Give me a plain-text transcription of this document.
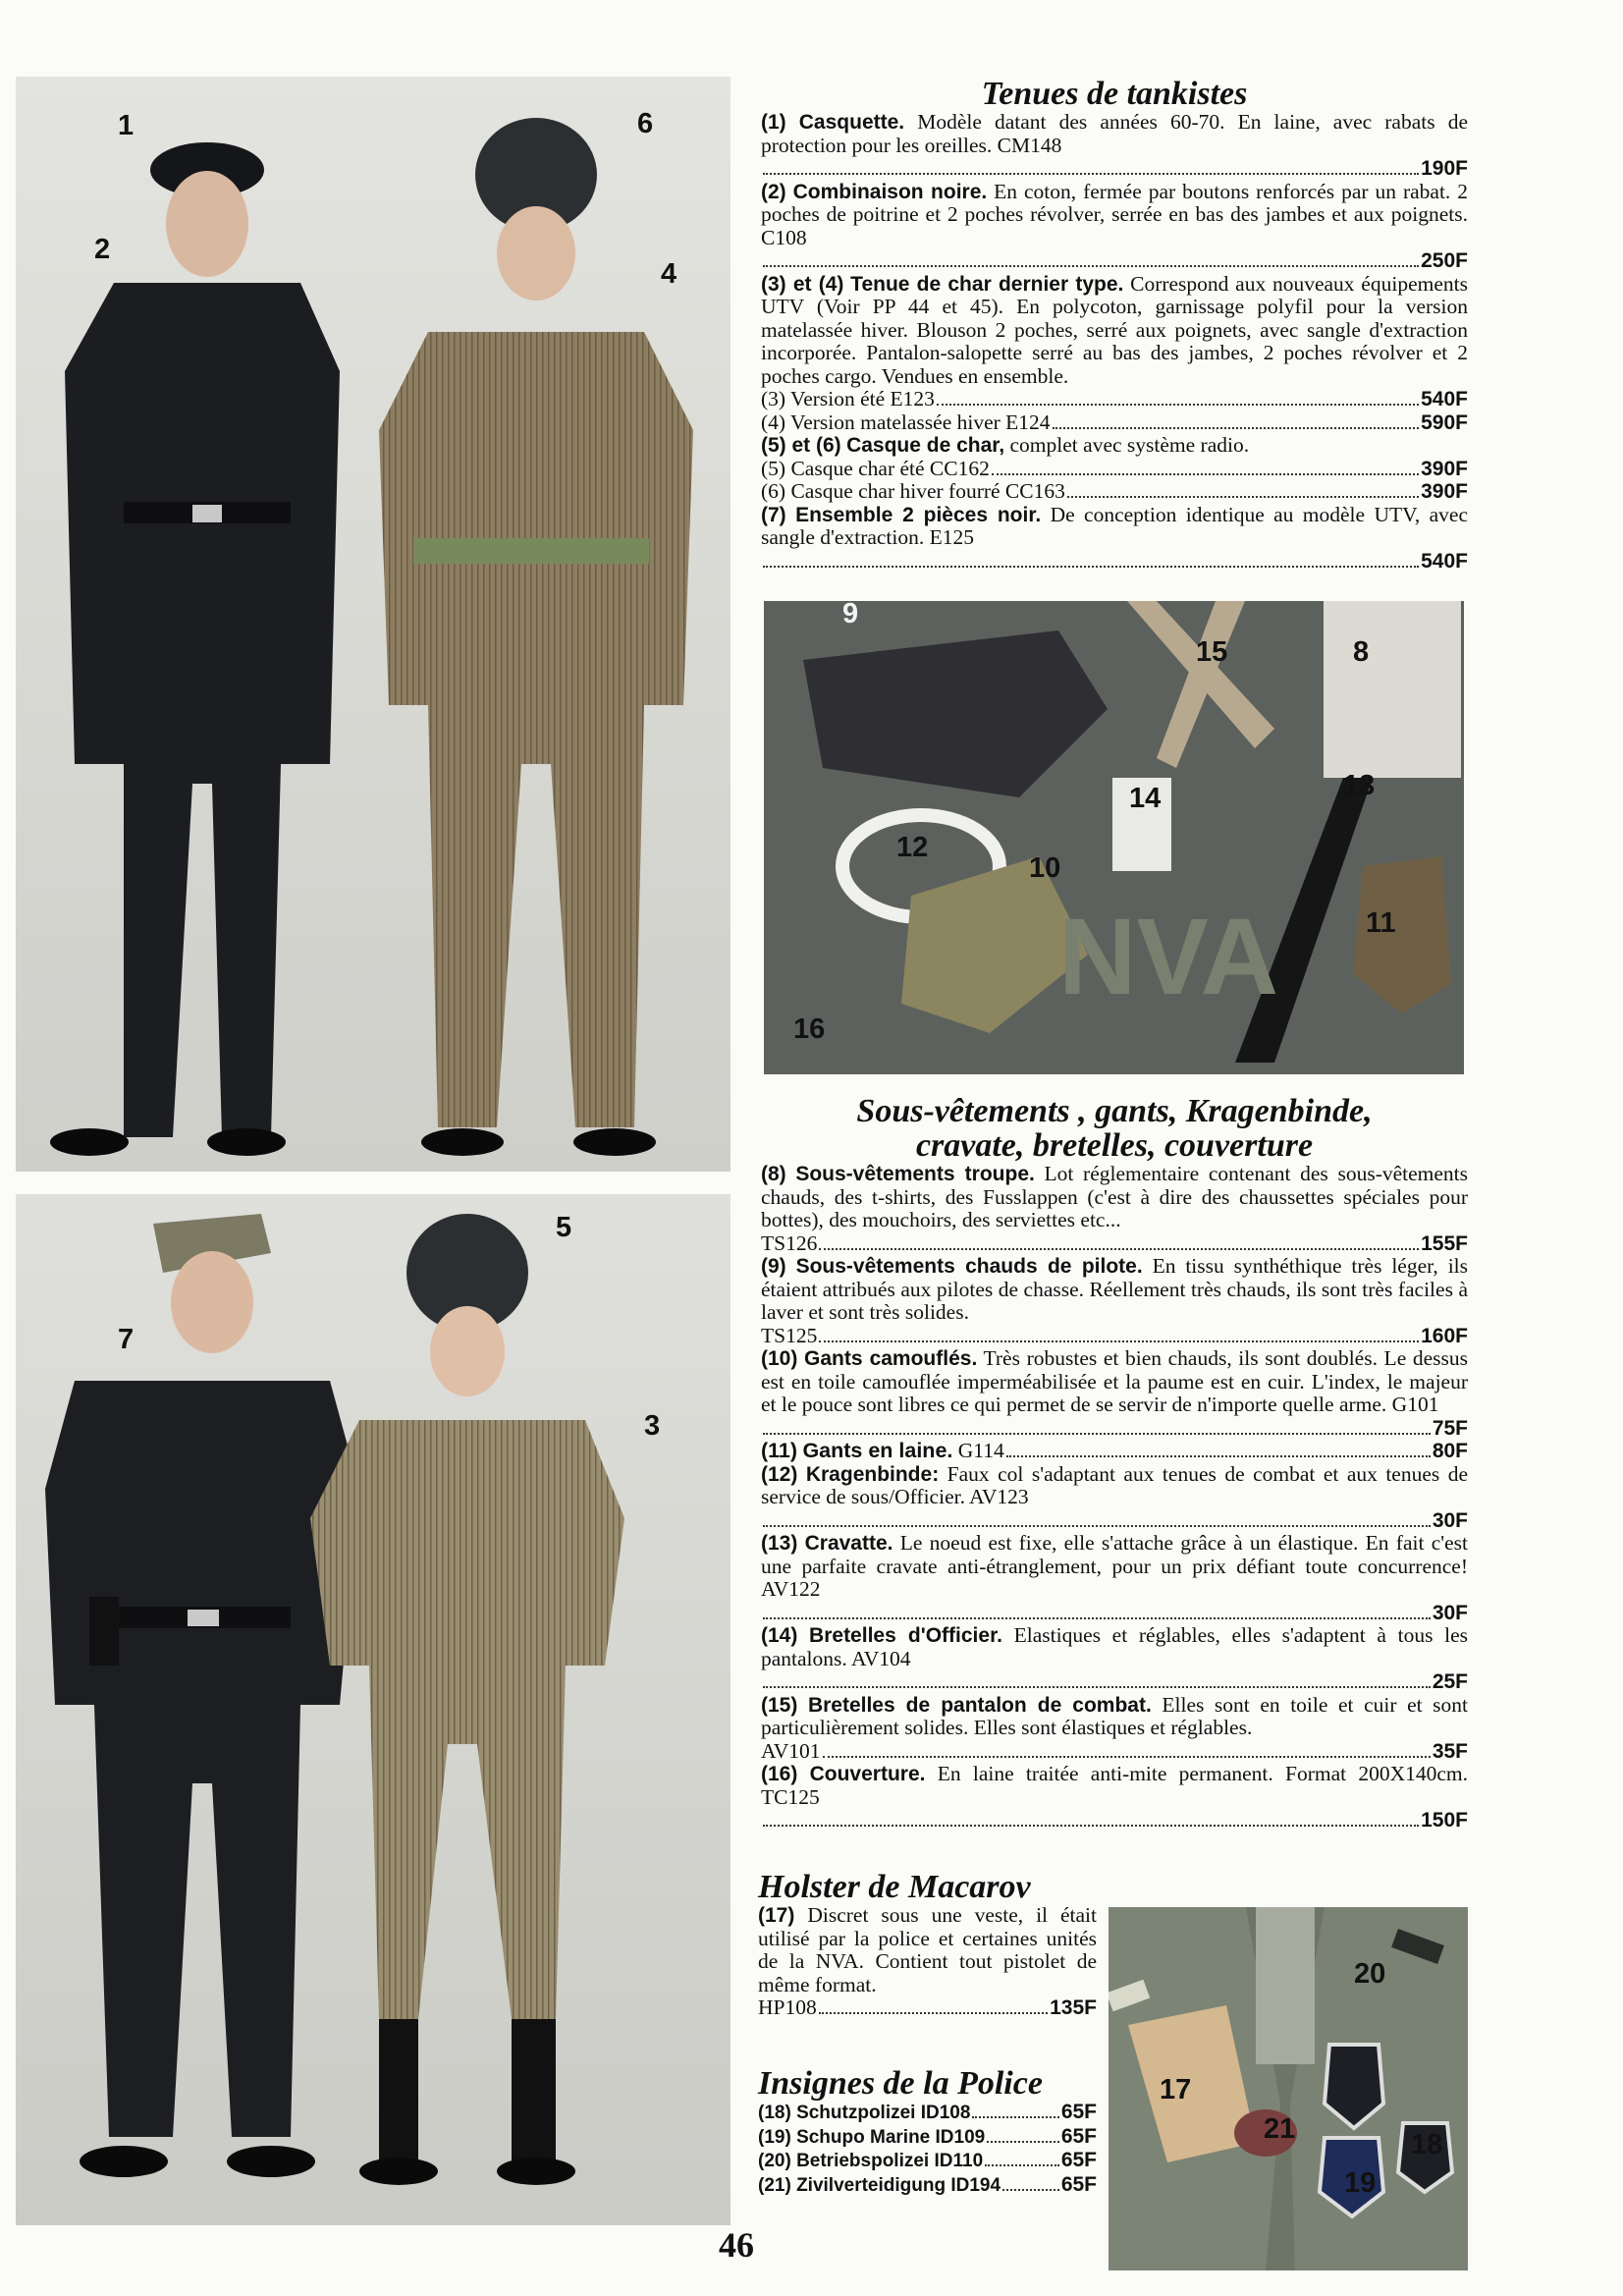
1
2
6
4
7
5
3
NVA
9
8
15
14	13
12
10
11
16
20
17
21	18
19
Tenues de tankistes
(1) Casquette. Modèle datant des années 60-70. En laine, avec rabats de protection pour les oreilles. CM148
190F
(2) Combinaison noire. En coton, fermée par boutons renforcés par un rabat. 2 poches de poitrine et 2 poches révolver, serrée en bas des jambes et aux poignets. C108
250F
(3) et (4) Tenue de char dernier type. Correspond aux nouveaux équipements UTV (Voir PP 44 et 45). En polycoton, garnissage polyfil pour la version matelassée hiver. Blouson 2 poches, serré aux poignets, avec sangle d'extraction incorporée. Pantalon-salopette serré au bas des jambes, 2 poches révolver et 2 poches cargo. Vendues en ensemble.
(3) Version été E123	540F
(4) Version matelassée hiver E124	590F
(5) et (6) Casque de char, complet avec système radio.
(5) Casque char été CC162	390F
(6) Casque char hiver fourré CC163	390F
(7) Ensemble 2 pièces noir. De conception identique au modèle UTV, avec sangle d'extraction. E125
540F
Sous-vêtements , gants, Kragenbinde,
cravate, bretelles, couverture
(8) Sous-vêtements troupe. Lot réglementaire contenant des sous-vêtements chauds, des t-shirts, des Fusslappen (c'est à dire des chaussettes spéciales pour bottes), des mouchoirs, des serviettes etc...
TS126	155F
(9) Sous-vêtements chauds de pilote. En tissu synthéthique très léger, ils étaient attribués aux pilotes de chasse. Réellement très chauds, ils sont très faciles à laver et sont très solides.
TS125	160F
(10) Gants camouflés. Très robustes et bien chauds, ils sont doublés. Le dessus est en toile camouflée imperméabilisée et la paume est en cuir. L'index, le majeur et le pouce sont libres ce qui permet de se servir de n'importe quelle arme. G101
75F
(11) Gants en laine. G114	80F
(12) Kragenbinde: Faux col s'adaptant aux tenues de combat et aux tenues de service de sous/Officier. AV123
30F
(13) Cravatte. Le noeud est fixe, elle s'attache grâce à un élastique. En fait c'est une parfaite cravate anti-étranglement, pour un prix défiant toute concurrence! AV122
30F
(14) Bretelles d'Officier. Elastiques et réglables, elles s'adaptent à tous les pantalons. AV104
25F
(15) Bretelles de pantalon de combat. Elles sont en toile et cuir et sont particulièrement solides. Elles sont élastiques et réglables.
AV101	35F
(16) Couverture. En laine traitée anti-mite permanent. Format 200X140cm. TC125
150F
Holster de Macarov
(17) Discret sous une veste, il était utilisé par la police et certaines unités de la NVA. Contient tout pistolet de même format.
HP108	135F
Insignes de la Police
(18) Schutzpolizei ID108	65F
(19) Schupo Marine ID109	65F
(20) Betriebspolizei ID110	65F
(21) Zivilverteidigung ID194	65F
46
